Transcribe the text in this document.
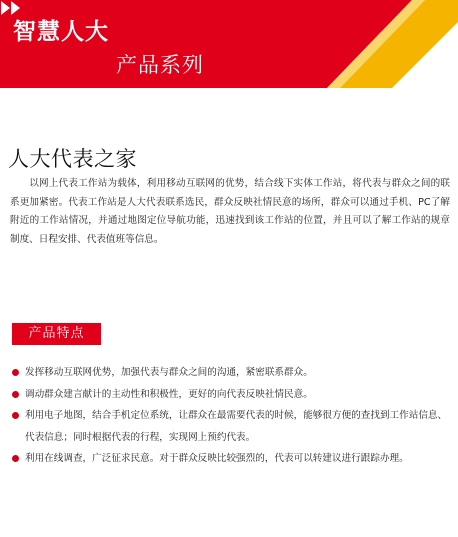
智慧人大
产品系列
人大代表之家

以网上代表工作站为载体，利用移动互联网的优势，结合线下实体工作站，将代表与群众之间的联系更加紧密。代表工作站是人大代表联系选民，群众反映社情民意的场所，群众可以通过手机、PC了解附近的工作站情况，并通过地图定位导航功能，迅速找到该工作站的位置，并且可以了解工作站的规章制度、日程安排、代表值班等信息。

产品特点
发挥移动互联网优势，加强代表与群众之间的沟通，紧密联系群众。
调动群众建言献计的主动性和积极性，更好的向代表反映社情民意。
利用电子地图，结合手机定位系统，让群众在最需要代表的时候，能够很方便的查找到工作站信息、代表信息；同时根据代表的行程，实现网上预约代表。
利用在线调查，广泛征求民意。对于群众反映比较强烈的，代表可以转建议进行跟踪办理。
